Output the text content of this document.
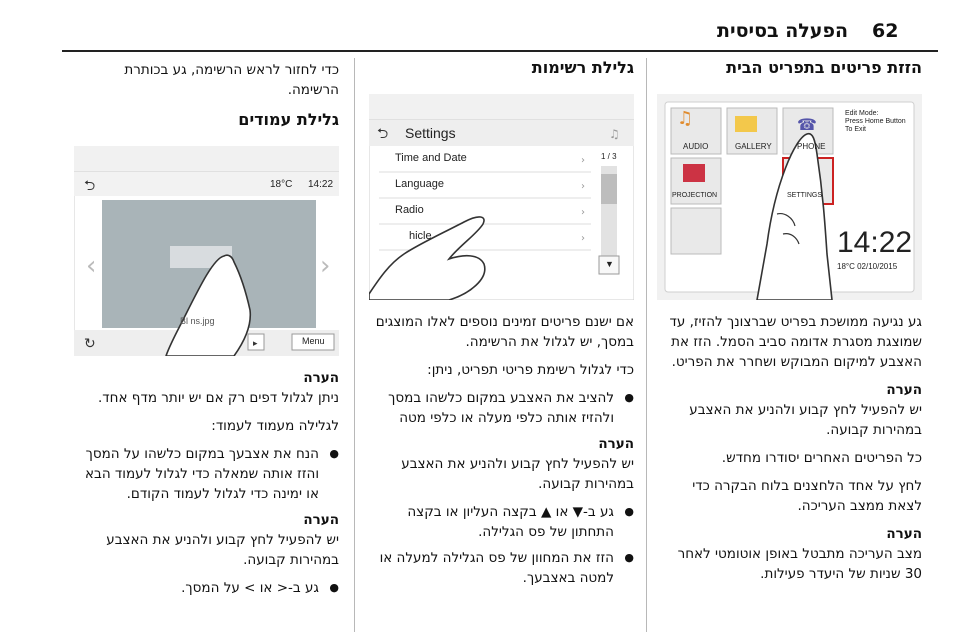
62
הפעלה בסיסית
הזזת פריטים בתפריט הבית
♫	☎
Edit Mode:
Press Home Button
To Exit
AUDIO	GALLERY	PHONE
PROJECTION	SETTINGS
14:22
18°C 02/10/2015

גע נגיעה ממושכת בפריט שברצונך להזיז, עד שמוצגת מסגרת אדומה סביב הסמל. הזז את האצבע למיקום המבוקש ושחרר את הפריט.

הערה
יש להפעיל לחץ קבוע ולהניע את האצבע במהירות קבועה.

כל הפריטים האחרים יסודרו מחדש.

לחץ על אחד הלחצנים בלוח הבקרה כדי לצאת ממצב העריכה.

הערה
מצב העריכה מתבטל באופן אוטומטי לאחר 30 שניות של היעדר פעילות.
גלילת רשימות
⮌	♫
›
›
›
›
Settings
Time and Date
Language
Radio
hicle
1 / 3
▼

אם ישנם פריטים זמינים נוספים לאלו המוצגים במסך, יש לגלול את הרשימה.

כדי לגלול רשימת פריטי תפריט, ניתן:

● להציב את האצבע במקום כלשהו במסך ולהזיז אותה כלפי מעלה או כלפי מטה
הערה
יש להפעיל לחץ קבוע ולהניע את האצבע במהירות קבועה.
● גע ב-▼ או ▲ בקצה העליון או בקצה התחתון של פס הגלילה.
● הזז את המחוון של פס הגלילה למעלה או למטה באצבעך.

כדי לחזור לראש הרשימה, גע בכותרת הרשימה.

גלילת עמודים
⮌
‹	›
↻	▸
18°C 14:22
Bl ns.jpg
Menu
הערה
ניתן לגלול דפים רק אם יש יותר מדף אחד.

לגלילה מעמוד לעמוד:

● הנח את אצבעך במקום כלשהו על המסך והזז אותה שמאלה כדי לגלול לעמוד הבא או ימינה כדי לגלול לעמוד הקודם.
הערה
יש להפעיל לחץ קבוע ולהניע את האצבע במהירות קבועה.
● גע ב-< או > על המסך.
